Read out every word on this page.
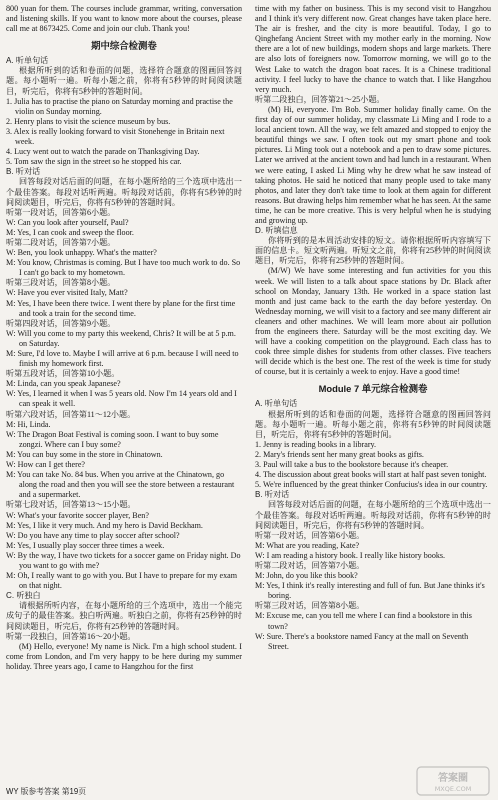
800 yuan for them. The courses include grammar, writing, conversation and listening skills. If you want to know more about the courses, please call me at 8673425. Come and join our club. Thank you!

期中综合检测卷

A. 听单句话

根据所听到的话和卷面的问题，选择符合题意的图画回答问题。每小题听一遍。听每小题之前，你将有5秒钟的时间阅读题目，听完后，你将有5秒钟的答题时间。

1. Julia has to practise the piano on Saturday morning and practise the violin on Sunday morning.

2. Henry plans to visit the science museum by bus.

3. Alex is really looking forward to visit Stonehenge in Britain next week.

4. Lucy went out to watch the parade on Thanksgiving Day.

5. Tom saw the sign in the street so he stopped his car.

B. 听对话

回答每段对话后面的问题，在每小题所给的三个选项中选出一个最佳答案。每段对话听两遍。听每段对话前，你将有5秒钟的时间阅读题目，听完后，你将有5秒钟的答题时间。

听第一段对话，回答第6小题。

W: Can you look after yourself, Paul?

M: Yes, I can cook and sweep the floor.

听第二段对话，回答第7小题。

W: Ben, you look unhappy. What's the matter?

M: You know, Christmas is coming. But I have too much work to do. So I can't go back to my hometown.

听第三段对话，回答第8小题。

W: Have you ever visited Italy, Matt?

M: Yes, I have been there twice. I went there by plane for the first time and took a train for the second time.

听第四段对话，回答第9小题。

W: Will you come to my party this weekend, Chris? It will be at 5 p.m. on Saturday.

M: Sure, I'd love to. Maybe I will arrive at 6 p.m. because I will need to finish my homework first.

听第五段对话，回答第10小题。

M: Linda, can you speak Japanese?

W: Yes, I learned it when I was 5 years old. Now I'm 14 years old and I can speak it well.

听第六段对话，回答第11～12小题。

M: Hi, Linda.

W: The Dragon Boat Festival is coming soon. I want to buy some zongzi. Where can I buy some?

M: You can buy some in the store in Chinatown.

W: How can I get there?

M: You can take No. 84 bus. When you arrive at the Chinatown, go along the road and then you will see the store between a restaurant and a supermarket.

听第七段对话，回答第13～15小题。

W: What's your favorite soccer player, Ben?

M: Yes, I like it very much. And my hero is David Beckham.

W: Do you have any time to play soccer after school?

M: Yes, I usually play soccer three times a week.

W: By the way, I have two tickets for a soccer game on Friday night. Do you want to go with me?

M: Oh, I really want to go with you. But I have to prepare for my exam on that night.

C. 听独白

请根据所听内容，在每小题所给的三个选项中，选出一个能完成句子的最佳答案。独白听两遍。听独白之前，你将有25秒钟的时间阅读题目，听完后，你将有25秒钟的答题时间。

听第一段独白，回答第16～20小题。

(M) Hello, everyone! My name is Nick. I'm a high school student. I come from London, and I'm very happy to be here during my summer holiday. Three years ago, I came to Hangzhou for the first

time with my father on business. This is my second visit to Hangzhou and I think it's very different now. Great changes have taken place here. The air is fresher, and the city is more beautiful. Today, I go to Qinghefang Ancient Street with my mother early in the morning. Now there are a lot of new buildings, modern shops and large markets. There are also lots of foreigners now. Tomorrow morning, we will go to the West Lake to watch the dragon boat races. It is a Chinese traditional activity. I feel lucky to have the chance to watch that. I like Hangzhou very much.

听第二段独白，回答第21～25小题。

(M) Hi, everyone. I'm Bob. Summer holiday finally came. On the first day of our summer holiday, my classmate Li Ming and I rode to a local ancient town. All the way, we felt amazed and stopped to enjoy the beautiful things we saw. I often took out my smart phone and took pictures. Li Ming took out a notebook and a pen to draw some pictures. Later we arrived at the ancient town and had lunch in a restaurant. When we were eating, I asked Li Ming why he drew what he saw instead of taking photos. He said he noticed that many people used to take many photos, and later they don't take time to look at them again for different reasons. But drawing helps him remember what he has seen. At the same time, he can be more creative. This is very helpful when he is studying and growing up.

D. 听填信息

你将听到的是本周活动安排的短文。请你根据所听内容填写下面的信息卡。短文听两遍。听短文之前，你将有25秒钟的时间阅读题目，听完后，你将有25秒钟的答题时间。

(M/W) We have some interesting and fun activities for you this week. We will listen to a talk about space stations by Dr. Black after school on Monday, January 13th. He worked in a space station last month and just came back to the earth the day before yesterday. On Wednesday morning, we will visit to a factory and see many different air cleaners and other machines. We will learn more about air pollution from the engineers there. Saturday will be the most exciting day. We will have a cooking competition on the playground. Each class has to cook three simple dishes for students from other classes. Five teachers will decide which is the best one. The rest of the week is time for study of course, but it is certainly a week to enjoy. Have a good time!

Module 7 单元综合检测卷

A. 听单句话

根据所听到的话和卷面的问题，选择符合题意的图画回答问题。每小题听一遍。听每小题之前，你将有5秒钟的时间阅读题目，听完后，你将有5秒钟的答题时间。

1. Jenny is reading books in a library.

2. Mary's friends sent her many great books as gifts.

3. Paul will take a bus to the bookstore because it's cheaper.

4. The discussion about great books will start at half past seven tonight.

5. We're influenced by the great thinker Confucius's idea in our country.

B. 听对话

回答每段对话后面的问题，在每小题所给的三个选项中选出一个最佳答案。每段对话听两遍。听每段对话前，你将有5秒钟的时间阅读题目，听完后，你将有5秒钟的答题时间。

听第一段对话，回答第6小题。

M: What are you reading, Kate?

W: I am reading a history book. I really like history books.

听第二段对话，回答第7小题。

M: John, do you like this book?

M: Yes, I think it's really interesting and full of fun. But Jane thinks it's boring.

听第三段对话，回答第8小题。

M: Excuse me, can you tell me where I can find a bookstore in this town?

W: Sure. There's a bookstore named Fancy at the mall on Seventh Street.

WY 版参考答案 第19页
答案圈
MXQE.COM
